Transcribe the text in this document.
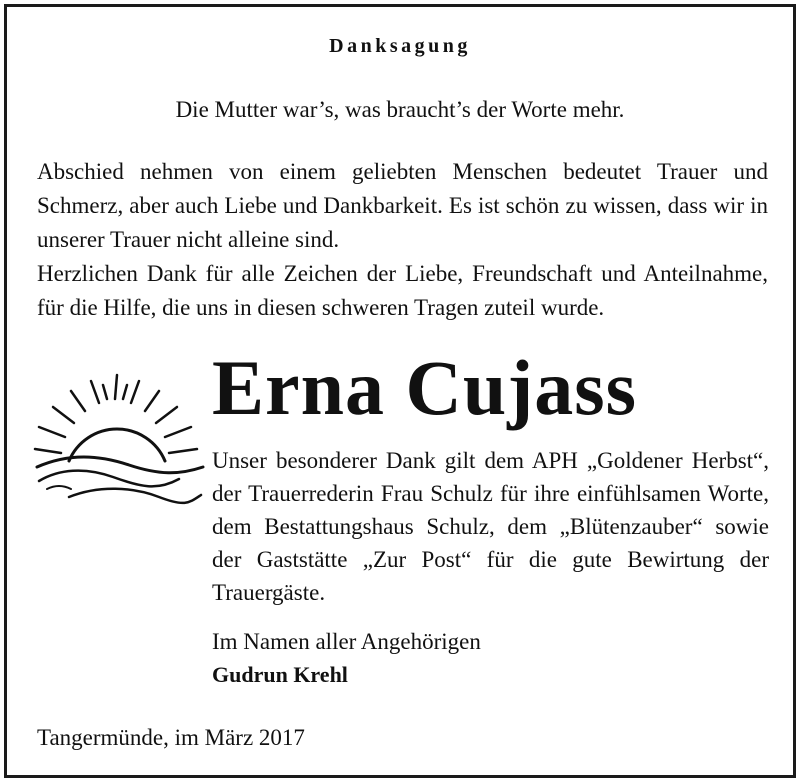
Danksagung
Die Mutter war’s, was braucht’s der Worte mehr.

Abschied nehmen von einem geliebten Menschen bedeutet Trauer und Schmerz, aber auch Liebe und Dankbarkeit. Es ist schön zu wissen, dass wir in unserer Trauer nicht alleine sind.

Herzlichen Dank für alle Zeichen der Liebe, Freundschaft und Anteilnahme, für die Hilfe, die uns in diesen schweren Tragen zuteil wurde.

Erna Cujass

Unser besonderer Dank gilt dem APH „Goldener Herbst“, der Trauerrederin Frau Schulz für ihre einfühlsamen Worte, dem Bestattungshaus Schulz, dem „Blütenzauber“ sowie der Gaststätte „Zur Post“ für die gute Bewirtung der Trauergäste.

Im Namen aller Angehörigen
Gudrun Krehl
Tangermünde, im März 2017
